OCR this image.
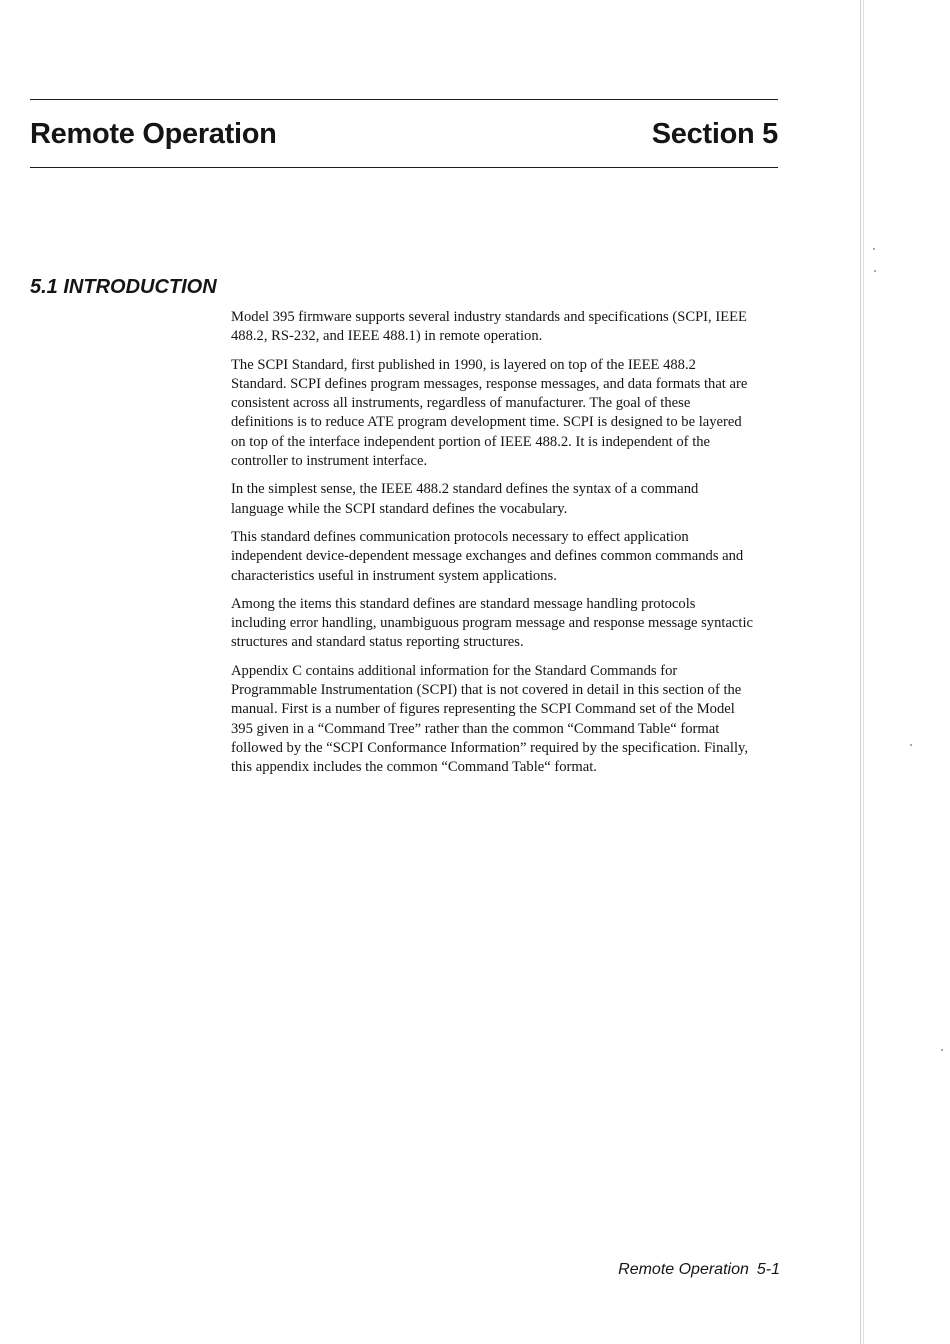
Remote Operation	Section 5
5.1 INTRODUCTION

Model 395 firmware supports several industry standards and specifications (SCPI, IEEE 488.2, RS-232, and IEEE 488.1) in remote operation.

The SCPI Standard, first published in 1990, is layered on top of the IEEE 488.2 Standard. SCPI defines program messages, response messages, and data formats that are consistent across all instruments, regardless of manufacturer. The goal of these definitions is to reduce ATE program development time. SCPI is designed to be layered on top of the interface independent portion of IEEE 488.2. It is independent of the controller to instrument interface.

In the simplest sense, the IEEE 488.2 standard defines the syntax of a command language while the SCPI standard defines the vocabulary.

This standard defines communication protocols necessary to effect application independent device-dependent message exchanges and defines common commands and characteristics useful in instrument system applications.

Among the items this standard defines are standard message handling protocols including error handling, unambiguous program message and response message syntactic structures and standard status reporting structures.

Appendix C contains additional information for the Standard Commands for Programmable Instrumentation (SCPI) that is not covered in detail in this section of the manual. First is a number of figures representing the SCPI Command set of the Model 395 given in a “Command Tree” rather than the common “Command Table“ format followed by the “SCPI Conformance Information” required by the specification. Finally, this appendix includes the common “Command Table“ format.

Remote Operation 5-1
